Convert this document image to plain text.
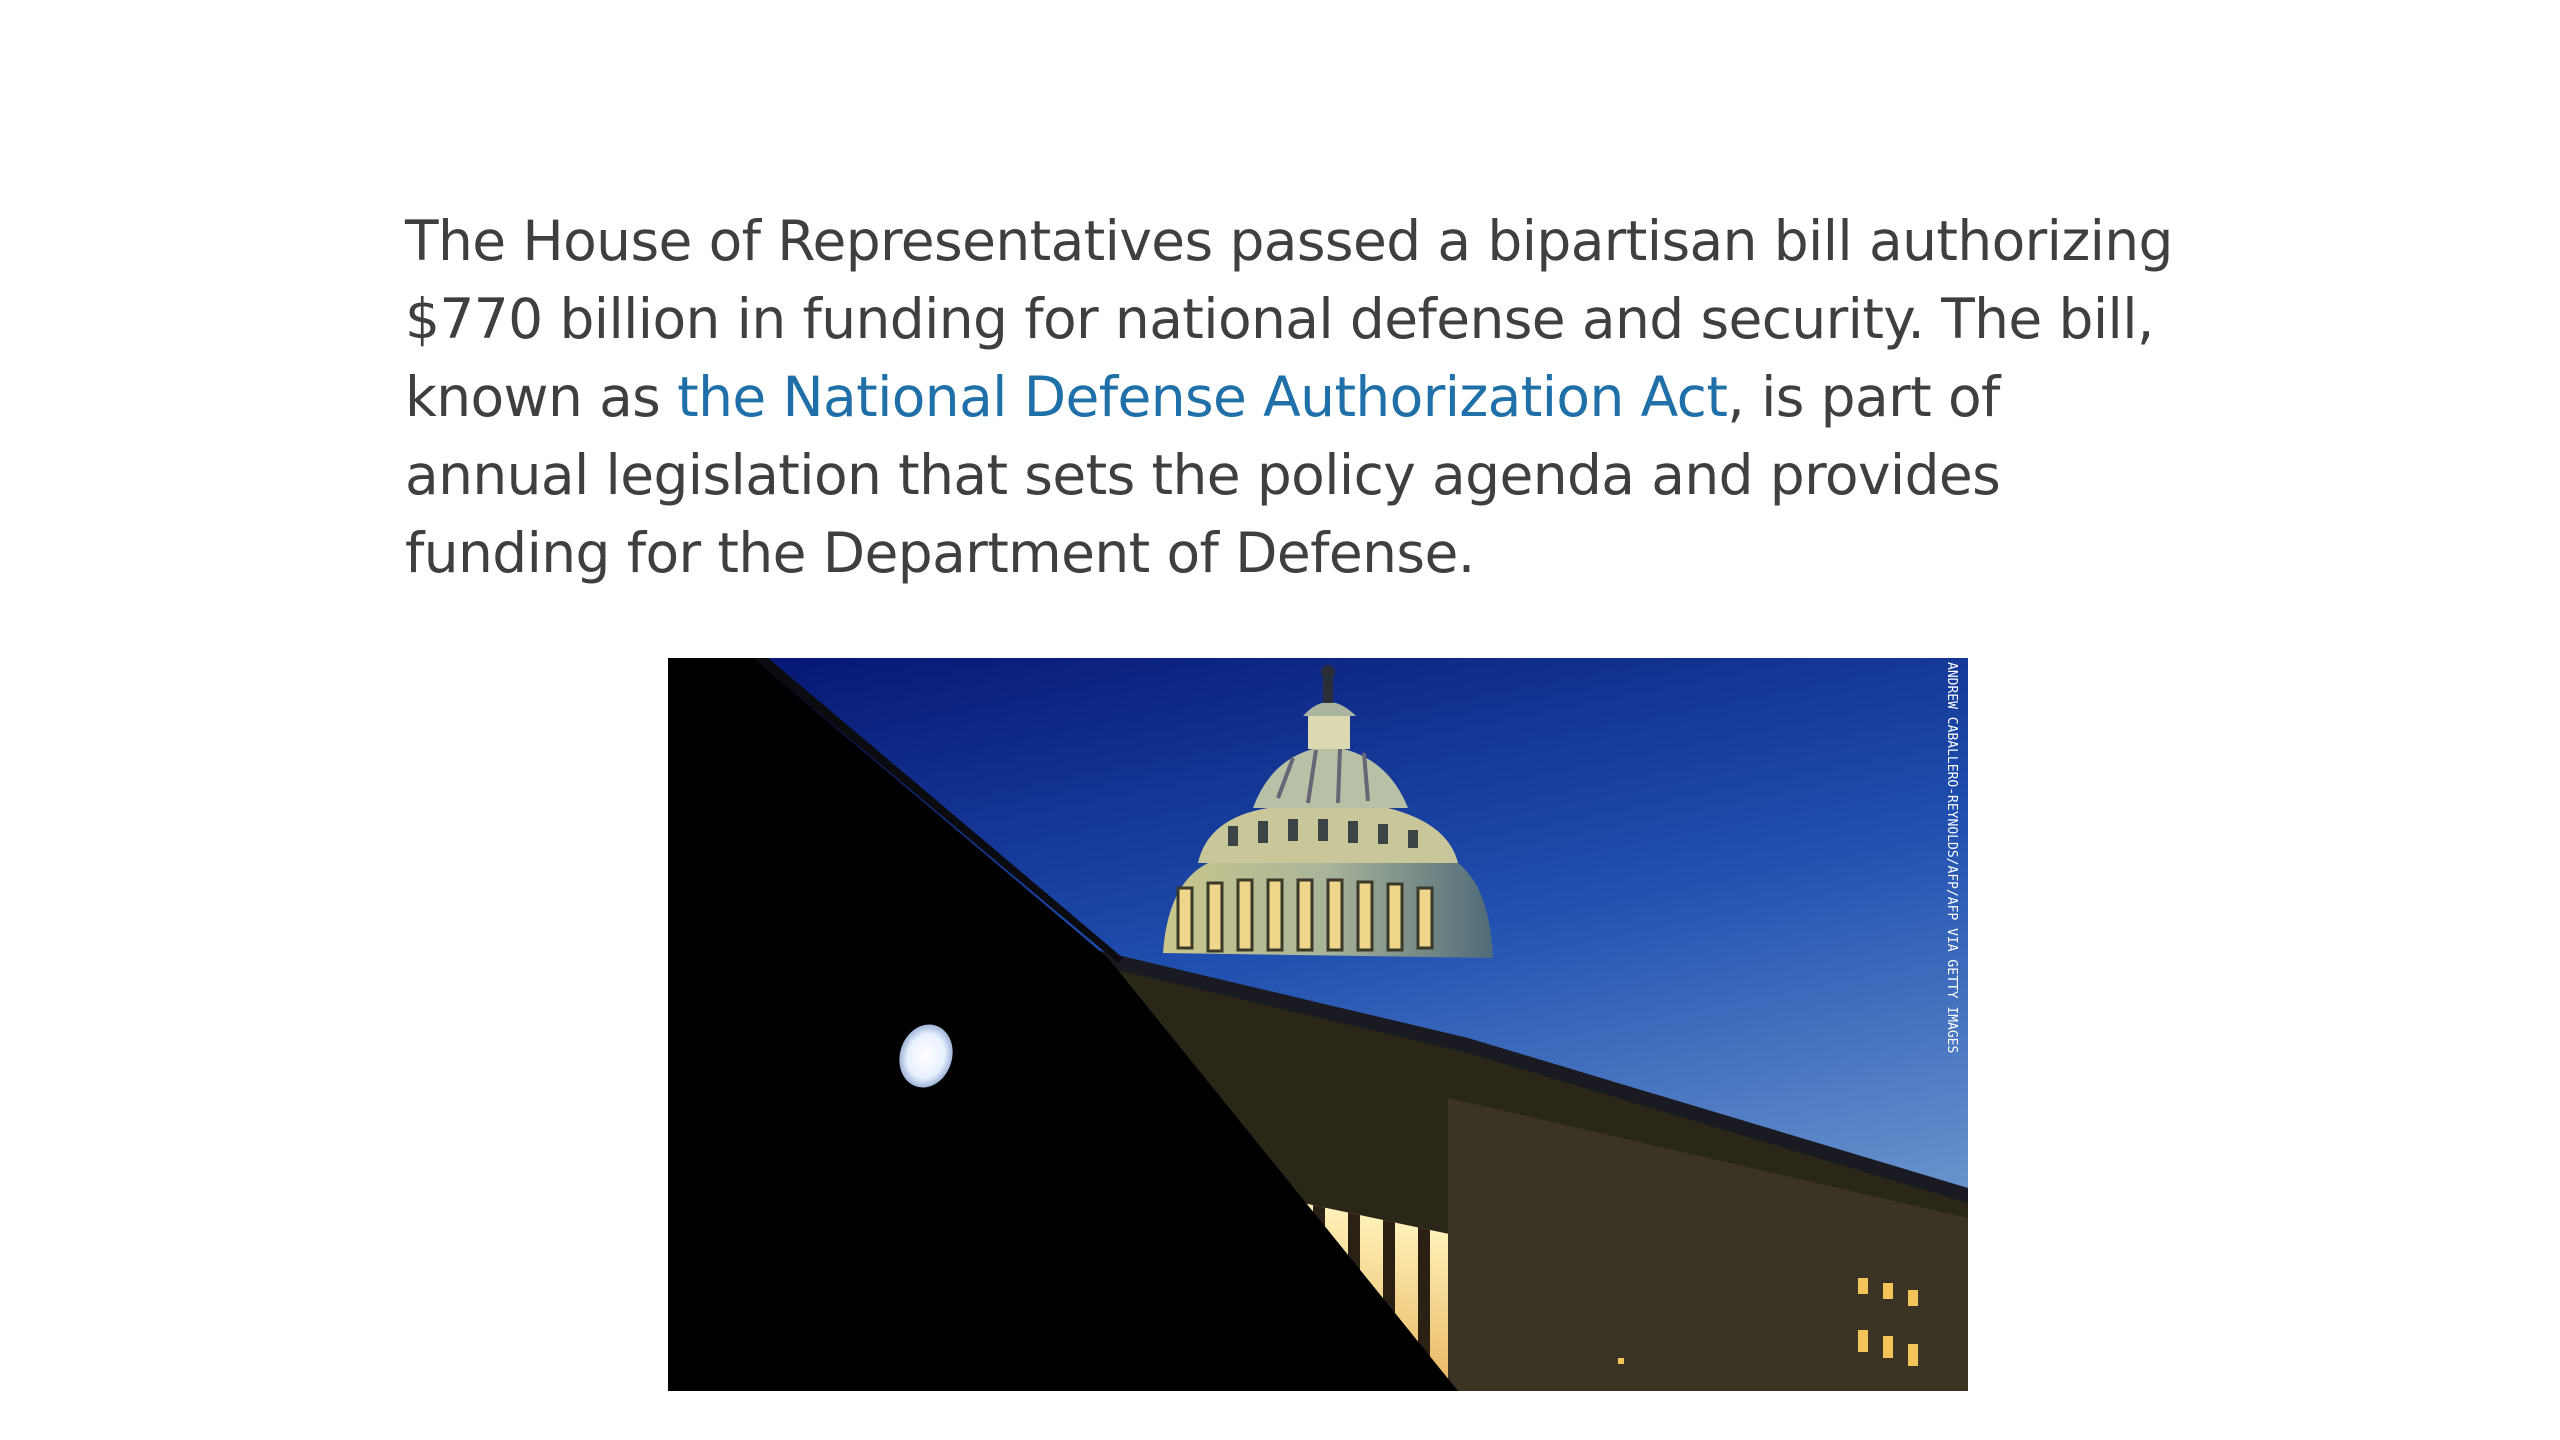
The House of Representatives passed a bipartisan bill authorizing $770 billion in funding for national defense and security. The bill, known as the National Defense Authorization Act, is part of annual legislation that sets the policy agenda and provides funding for the Department of Defense.

ANDREW CABALLERO-REYNOLDS/AFP/AFP VIA GETTY IMAGES
